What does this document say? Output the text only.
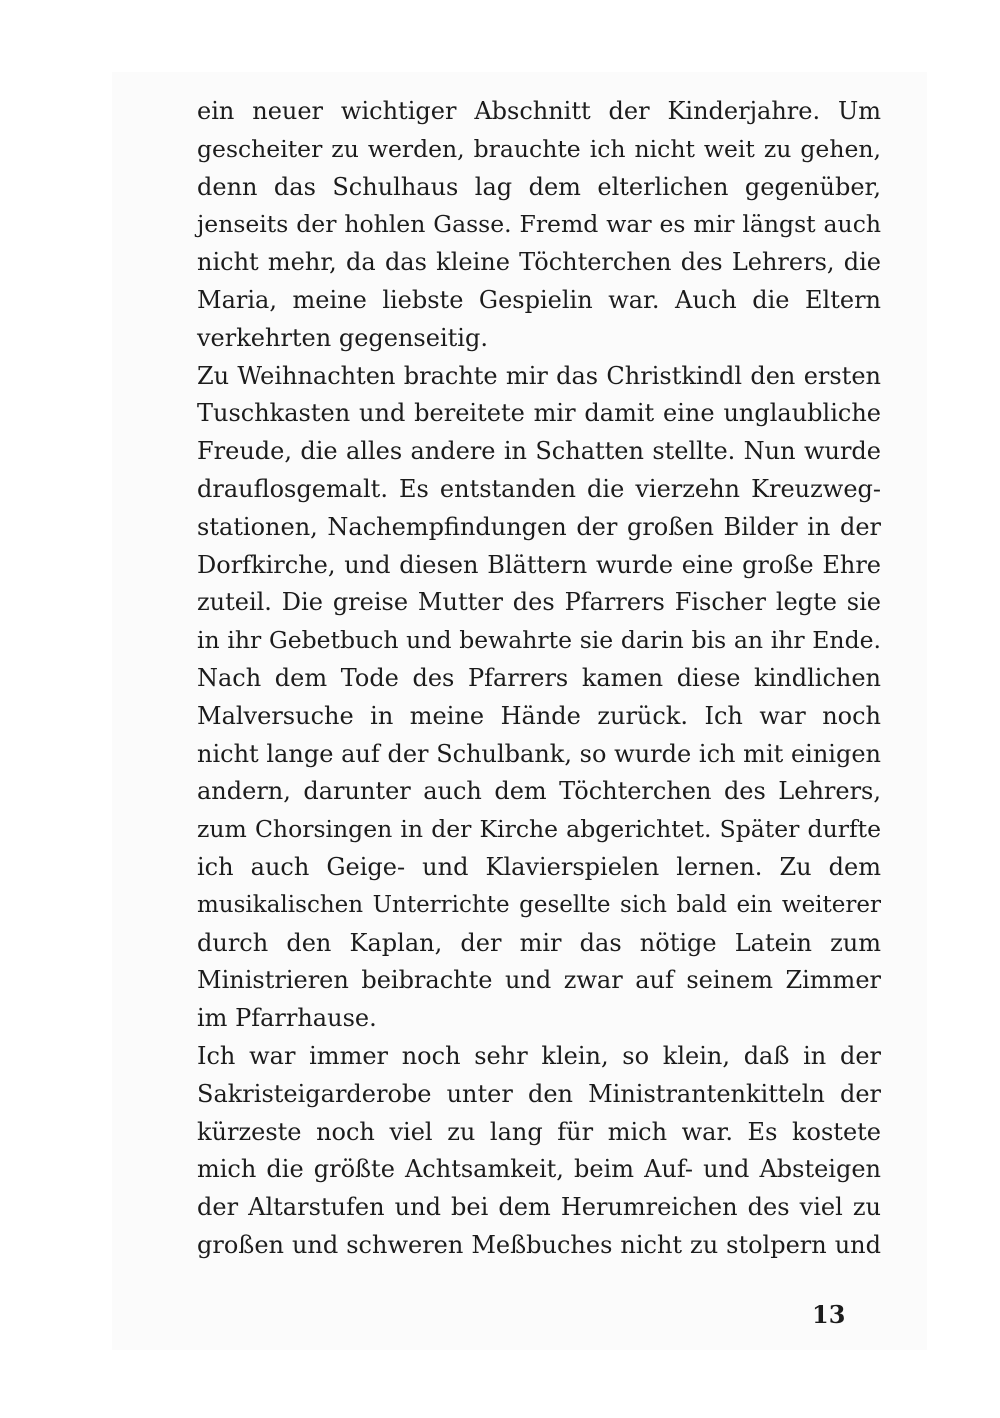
ein neuer wichtiger Abschnitt der Kinderjahre. Um
gescheiter zu werden, brauchte ich nicht weit zu gehen,
denn das Schulhaus lag dem elterlichen gegenüber,
jenseits der hohlen Gasse. Fremd war es mir längst auch
nicht mehr, da das kleine Töchterchen des Lehrers, die
Maria, meine liebste Gespielin war. Auch die Eltern
verkehrten gegenseitig.
Zu Weihnachten brachte mir das Christkindl den ersten
Tuschkasten und bereitete mir damit eine unglaubliche
Freude, die alles andere in Schatten stellte. Nun wurde
drauflosgemalt. Es entstanden die vierzehn Kreuzweg-
stationen, Nachempfindungen der großen Bilder in der
Dorfkirche, und diesen Blättern wurde eine große Ehre
zuteil. Die greise Mutter des Pfarrers Fischer legte sie
in ihr Gebetbuch und bewahrte sie darin bis an ihr Ende.
Nach dem Tode des Pfarrers kamen diese kindlichen
Malversuche in meine Hände zurück. Ich war noch
nicht lange auf der Schulbank, so wurde ich mit einigen
andern, darunter auch dem Töchterchen des Lehrers,
zum Chorsingen in der Kirche abgerichtet. Später durfte
ich auch Geige- und Klavierspielen lernen. Zu dem
musikalischen Unterrichte gesellte sich bald ein weiterer
durch den Kaplan, der mir das nötige Latein zum
Ministrieren beibrachte und zwar auf seinem Zimmer
im Pfarrhause.
Ich war immer noch sehr klein, so klein, daß in der
Sakristeigarderobe unter den Ministrantenkitteln der
kürzeste noch viel zu lang für mich war. Es kostete
mich die größte Achtsamkeit, beim Auf- und Absteigen
der Altarstufen und bei dem Herumreichen des viel zu
großen und schweren Meßbuches nicht zu stolpern und
13
